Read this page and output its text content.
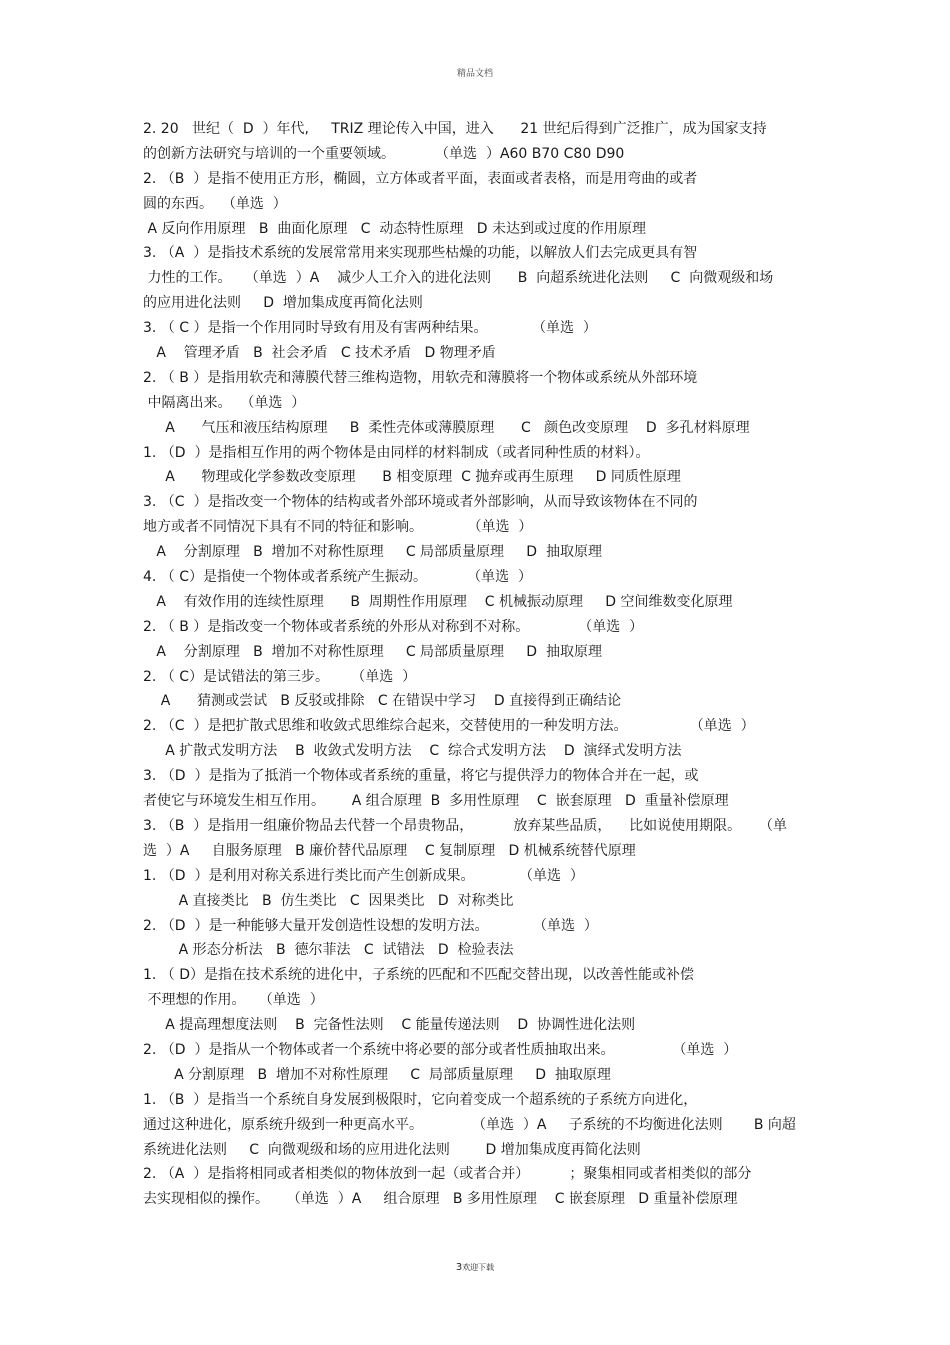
精品文档
2. 20   世纪（  D  ）年代,     TRIZ 理论传入中国，进入      21 世纪后得到广泛推广，成为国家支持
的创新方法研究与培训的一个重要领域。         （单选  ）A60 B70 C80 D90
2. （B  ）是指不使用正方形，椭圆，立方体或者平面，表面或者表格，而是用弯曲的或者
圆的东西。  （单选  ）
A 反向作用原理   B  曲面化原理   C  动态特性原理   D 未达到或过度的作用原理
3. （A  ）是指技术系统的发展常常用来实现那些枯燥的功能，以解放人们去完成更具有智
力性的工作。   （单选  ）A    减少人工介入的进化法则      B  向超系统进化法则     C  向微观级和场
的应用进化法则     D  增加集成度再简化法则
3. （ C ）是指一个作用同时导致有用及有害两种结果。          （单选  ）
A    管理矛盾   B  社会矛盾   C 技术矛盾   D 物理矛盾
2. （ B ）是指用软壳和薄膜代替三维构造物，用软壳和薄膜将一个物体或系统从外部环境
中隔离出来。  （单选  ）
A      气压和液压结构原理     B  柔性壳体或薄膜原理      C   颜色改变原理    D  多孔材料原理
1. （D  ）是指相互作用的两个物体是由同样的材料制成（或者同种性质的材料）。
A      物理或化学参数改变原理      B 相变原理  C 抛弃或再生原理     D 同质性原理
3. （C  ）是指改变一个物体的结构或者外部环境或者外部影响，从而导致该物体在不同的
地方或者不同情况下具有不同的特征和影响。          （单选  ）
A    分割原理   B  增加不对称性原理     C 局部质量原理     D  抽取原理
4. （ C）是指使一个物体或者系统产生振动。         （单选  ）
A    有效作用的连续性原理      B  周期性作用原理    C 机械振动原理     D 空间维数变化原理
2. （ B ）是指改变一个物体或者系统的外形从对称到不对称。           （单选  ）
A    分割原理   B  增加不对称性原理     C 局部质量原理     D  抽取原理
2. （ C）是试错法的第三步。     （单选  ）
A      猜测或尝试   B 反驳或排除   C 在错误中学习    D 直接得到正确结论
2. （C  ）是把扩散式思维和收敛式思维综合起来，交替使用的一种发明方法。              （单选  ）
A 扩散式发明方法    B  收敛式发明方法    C  综合式发明方法    D  演绎式发明方法
3. （D  ）是指为了抵消一个物体或者系统的重量，将它与提供浮力的物体合并在一起，或
者使它与环境发生相互作用。      A 组合原理  B  多用性原理    C  嵌套原理   D  重量补偿原理
3. （B  ）是指用一组廉价物品去代替一个昂贵物品，         放弃某些品质，    比如说使用期限。    （单
选  ）A     自服务原理   B 廉价替代品原理    C 复制原理   D 机械系统替代原理
1. （D  ）是利用对称关系进行类比而产生创新成果。          （单选  ）
A 直接类比   B  仿生类比   C  因果类比   D  对称类比
2. （D  ）是一种能够大量开发创造性设想的发明方法。          （单选  ）
A 形态分析法   B  德尔菲法   C  试错法   D  检验表法
1. （ D）是指在技术系统的进化中，子系统的匹配和不匹配交替出现，以改善性能或补偿
不理想的作用。   （单选  ）
A 提高理想度法则    B  完备性法则    C 能量传递法则    D  协调性进化法则
2. （D  ）是指从一个物体或者一个系统中将必要的部分或者性质抽取出来。             （单选  ）
A 分割原理   B  增加不对称性原理     C  局部质量原理     D  抽取原理
1. （B  ）是指当一个系统自身发展到极限时，它向着变成一个超系统的子系统方向进化，
通过这种进化，原系统升级到一种更高水平。           （单选  ）A     子系统的不均衡进化法则       B 向超
系统进化法则     C  向微观级和场的应用进化法则        D 增加集成度再简化法则
2. （A  ）是指将相同或者相类似的物体放到一起（或者合并）         ；聚集相同或者相类似的部分
去实现相似的操作。    （单选  ）A     组合原理   B 多用性原理    C 嵌套原理   D 重量补偿原理
3欢迎下载
